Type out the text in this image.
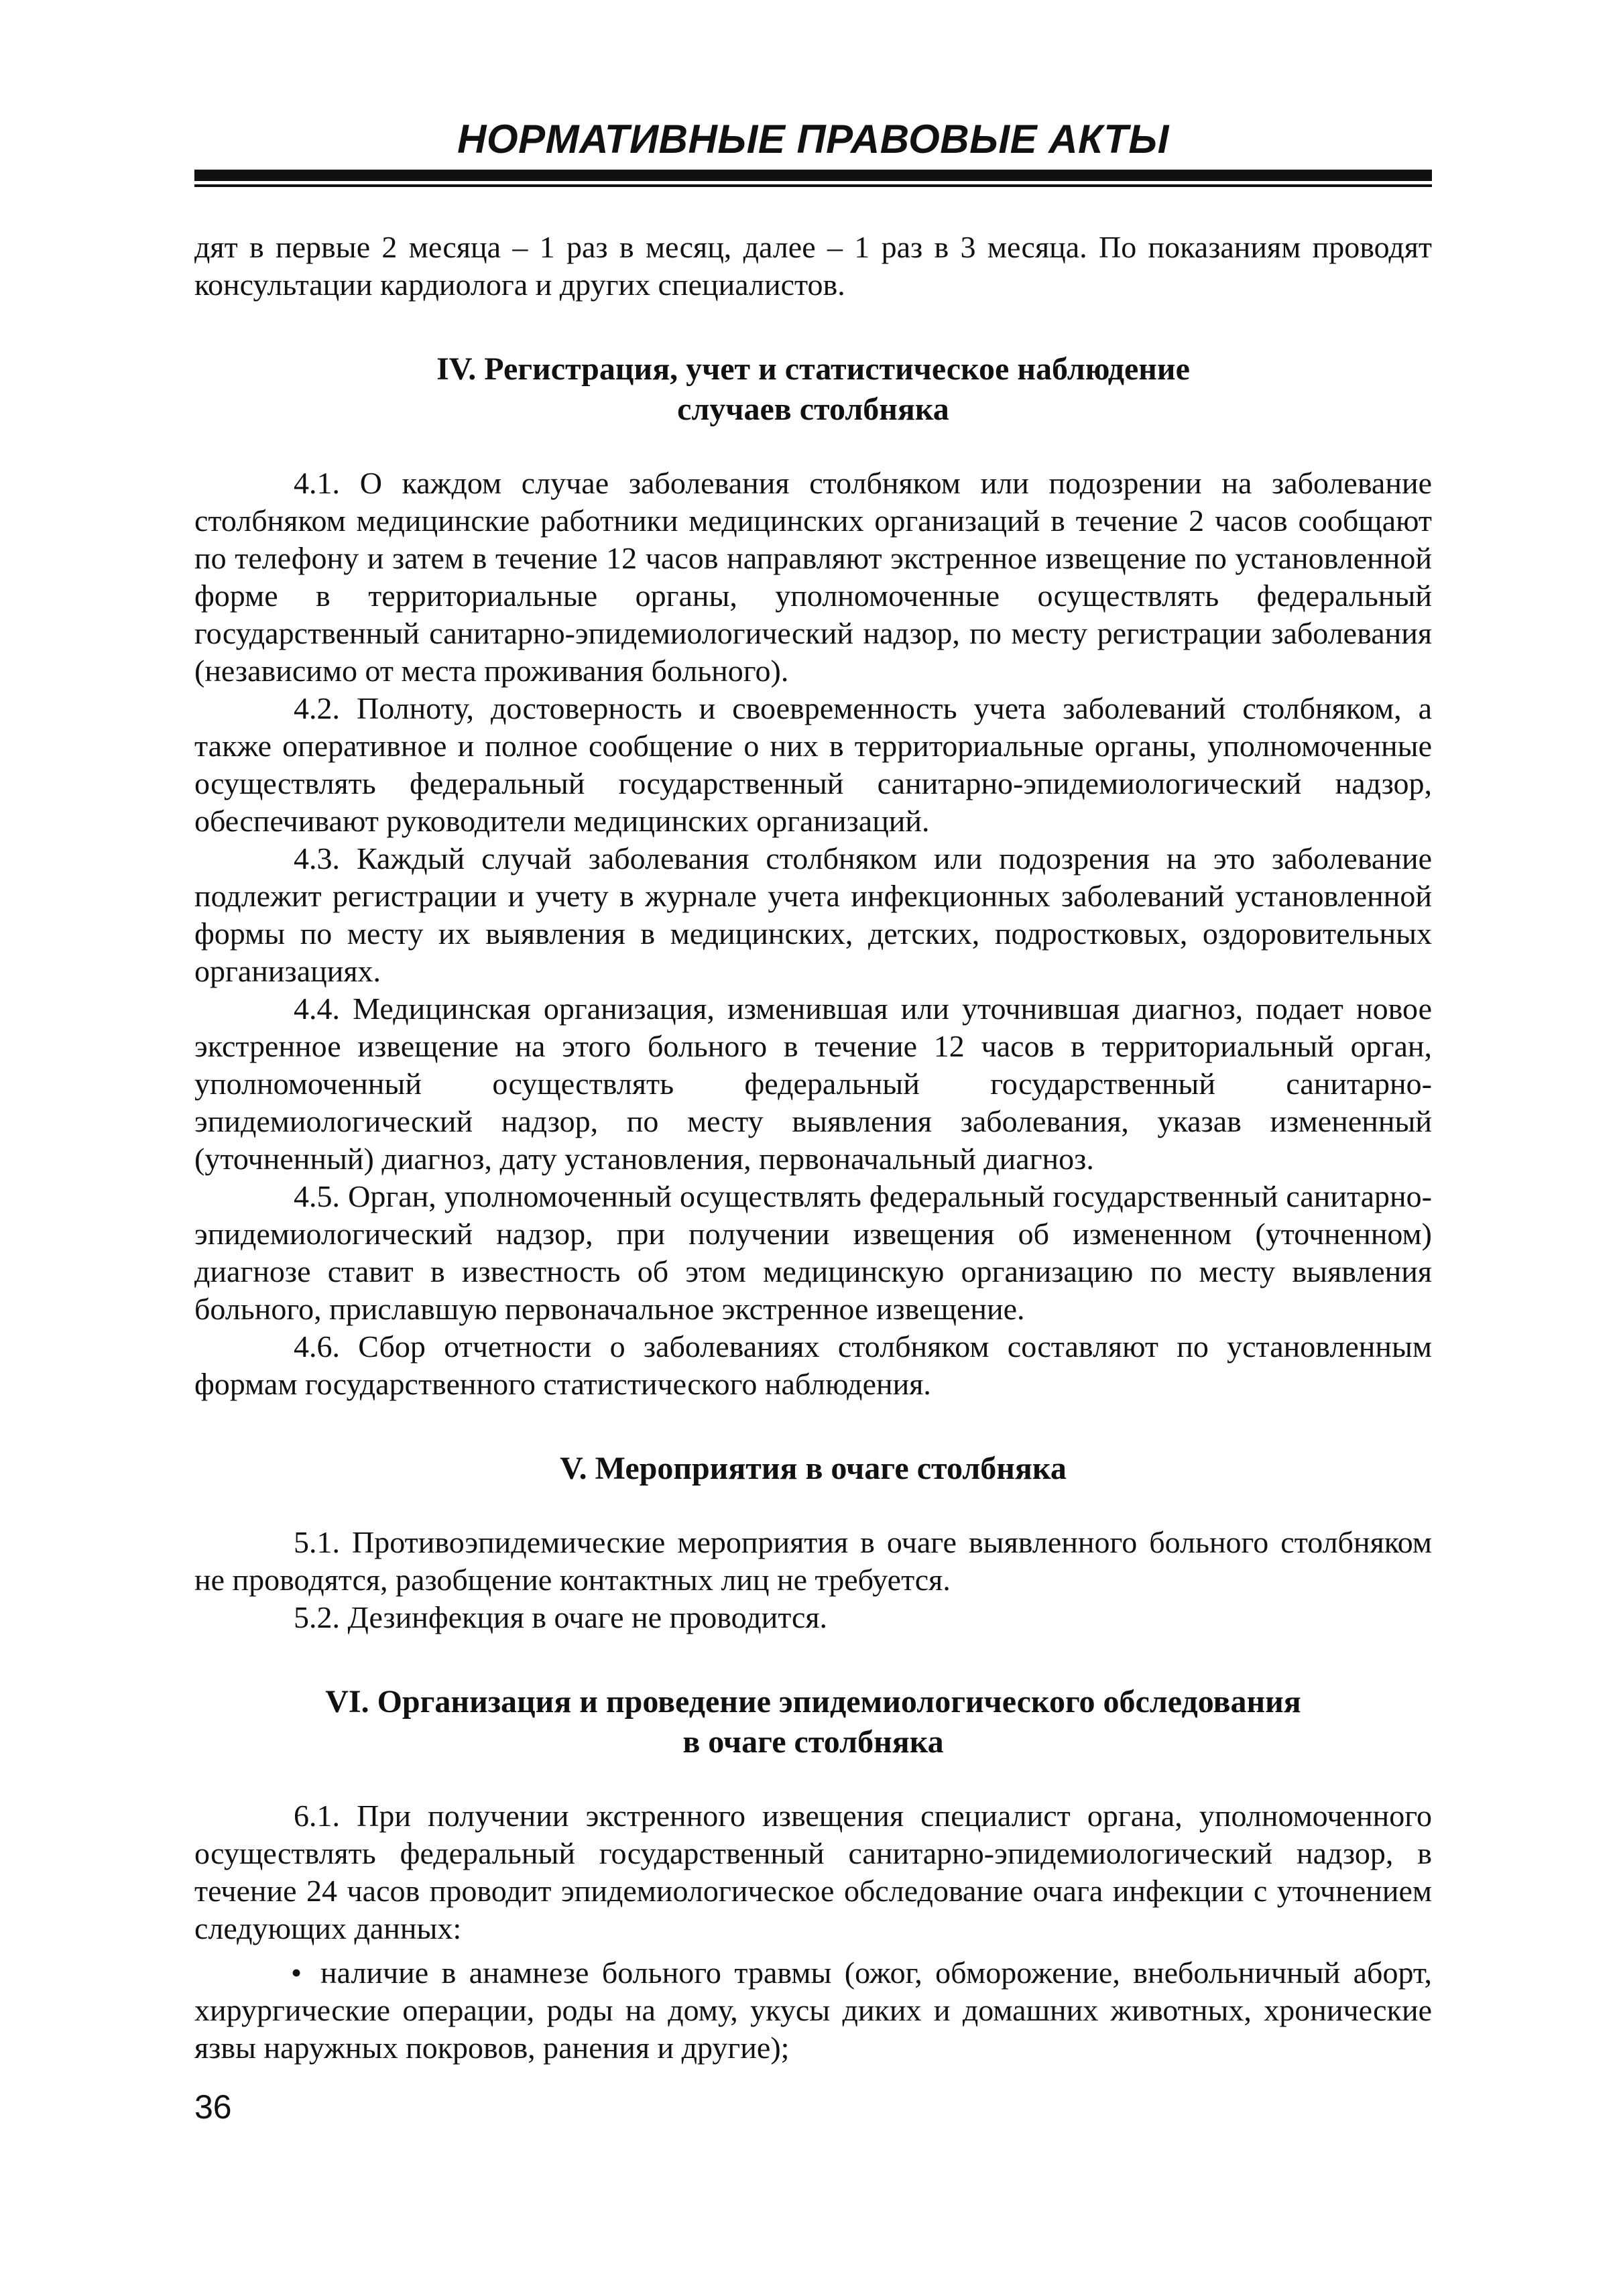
НОРМАТИВНЫЕ ПРАВОВЫЕ АКТЫ

дят в первые 2 месяца – 1 раз в месяц, далее – 1 раз в 3 месяца. По показаниям проводят консультации кардиолога и других специалистов.

IV. Регистрация, учет и статистическое наблюдение
случаев столбняка

4.1. О каждом случае заболевания столбняком или подозрении на заболевание столбняком медицинские работники медицинских организаций в течение 2 часов сообщают по телефону и затем в течение 12 часов направляют экстренное извещение по установленной форме в территориальные органы, уполномоченные осуществлять федеральный государственный санитарно-эпидемиологический надзор, по месту регистрации заболевания (независимо от места проживания больного).

4.2. Полноту, достоверность и своевременность учета заболеваний столбняком, а также оперативное и полное сообщение о них в территориальные органы, уполномоченные осуществлять федеральный государственный санитарно-эпидемиологический надзор, обеспечивают руководители медицинских организаций.

4.3. Каждый случай заболевания столбняком или подозрения на это заболевание подлежит регистрации и учету в журнале учета инфекционных заболеваний установленной формы по месту их выявления в медицинских, детских, подростковых, оздоровительных организациях.

4.4. Медицинская организация, изменившая или уточнившая диагноз, подает новое экстренное извещение на этого больного в течение 12 часов в территориальный орган, уполномоченный осуществлять федеральный государственный санитарно-эпидемиологический надзор, по месту выявления заболевания, указав измененный (уточненный) диагноз, дату установления, первоначальный диагноз.

4.5. Орган, уполномоченный осуществлять федеральный государственный санитарно-эпидемиологический надзор, при получении извещения об измененном (уточненном) диагнозе ставит в известность об этом медицинскую организацию по месту выявления больного, приславшую первоначальное экстренное извещение.

4.6. Сбор отчетности о заболеваниях столбняком составляют по установленным формам государственного статистического наблюдения.

V. Мероприятия в очаге столбняка

5.1. Противоэпидемические мероприятия в очаге выявленного больного столбняком не проводятся, разобщение контактных лиц не требуется.

5.2. Дезинфекция в очаге не проводится.

VI. Организация и проведение эпидемиологического обследования
в очаге столбняка

6.1. При получении экстренного извещения специалист органа, уполномоченного осуществлять федеральный государственный санитарно-эпидемиологический надзор, в течение 24 часов проводит эпидемиологическое обследование очага инфекции с уточнением следующих данных:

• наличие в анамнезе больного травмы (ожог, обморожение, внебольничный аборт, хирургические операции, роды на дому, укусы диких и домашних животных, хронические язвы наружных покровов, ранения и другие);
36
